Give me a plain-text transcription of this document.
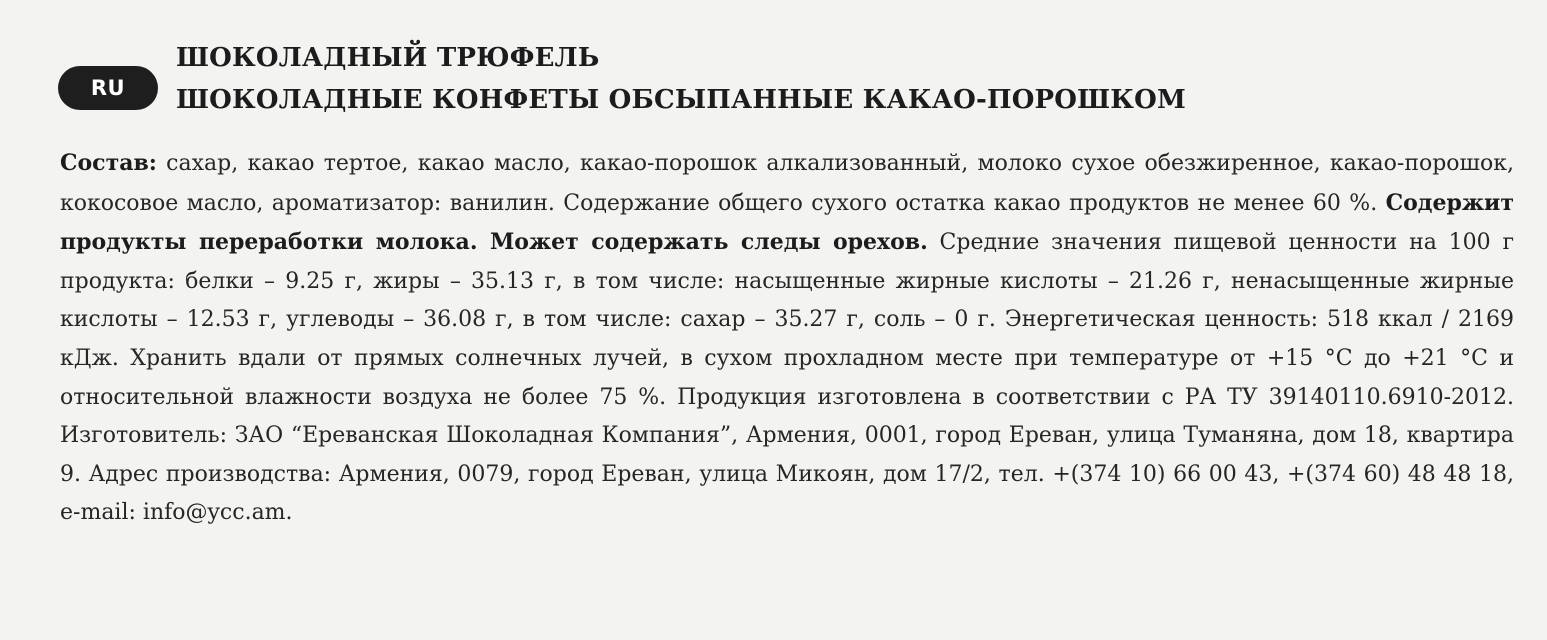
RU
ШОКОЛАДНЫЙ ТРЮФЕЛЬ
ШОКОЛАДНЫЕ КОНФЕТЫ ОБСЫПАННЫЕ КАКАО-ПОРОШКОМ
Состав: сахар, какао тертое, какао масло, какао-порошок алкализованный, молоко сухое обезжиренное, какао-порошок, кокосовое масло, ароматизатор: ванилин. Содержание общего сухого остатка какао продуктов не менее 60 %. Содержит продукты переработки молока. Может содержать следы орехов. Средние значения пищевой ценности на 100 г продукта: белки – 9.25 г, жиры – 35.13 г, в том числе: насыщенные жирные кислоты – 21.26 г, ненасыщенные жирные кислоты – 12.53 г, углеводы – 36.08 г, в том числе: сахар – 35.27 г, соль – 0 г. Энергетическая ценность: 518 ккал / 2169 кДж. Хранить вдали от прямых солнечных лучей, в сухом прохладном месте при температуре от +15 °C до +21 °C и относительной влажности воздуха не более 75 %. Продукция изготовлена в соответствии с РА ТУ 39140110.6910-2012. Изготовитель: ЗАО “Ереванская Шоколадная Компания”, Армения, 0001, город Ереван, улица Туманяна, дом 18, квартира 9. Адрес производства: Армения, 0079, город Ереван, улица Микоян, дом 17/2, тел. +(374 10) 66 00 43, +(374 60) 48 48 18, e-mail: info@ycc.am.
